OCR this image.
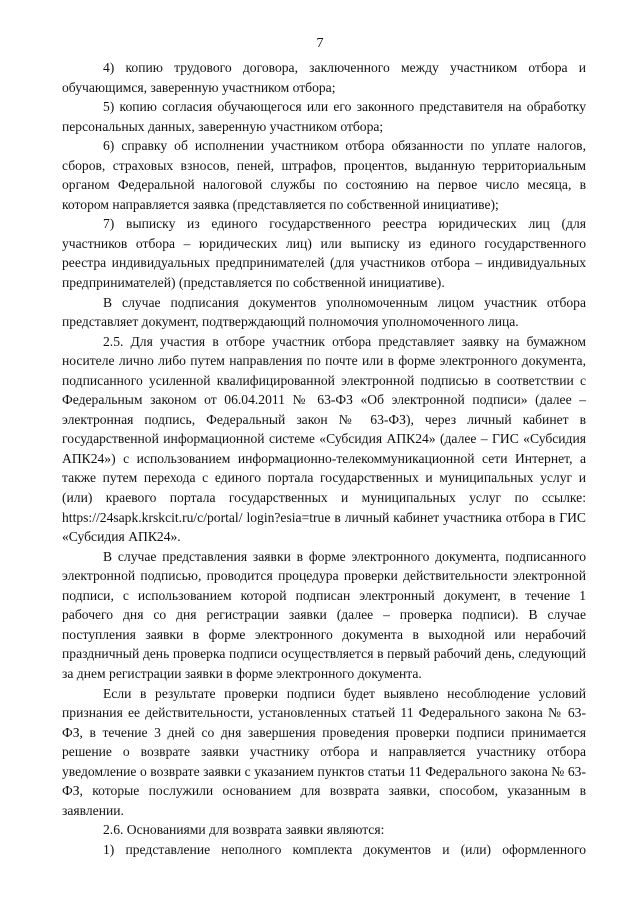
7

4) копию трудового договора, заключенного между участником отбора и обучающимся, заверенную участником отбора;

5) копию согласия обучающегося или его законного представителя на обработку персональных данных, заверенную участником отбора;

6) справку об исполнении участником отбора обязанности по уплате налогов, сборов, страховых взносов, пеней, штрафов, процентов, выданную территориальным органом Федеральной налоговой службы по состоянию на первое число месяца, в котором направляется заявка (представляется по собственной инициативе);

7) выписку из единого государственного реестра юридических лиц (для участников отбора – юридических лиц) или выписку из единого государственного реестра индивидуальных предпринимателей (для участников отбора – индивидуальных предпринимателей) (представляется по собственной инициативе).

В случае подписания документов уполномоченным лицом участник отбора представляет документ, подтверждающий полномочия уполномоченного лица.

2.5. Для участия в отборе участник отбора представляет заявку на бумажном носителе лично либо путем направления по почте или в форме электронного документа, подписанного усиленной квалифицированной электронной подписью в соответствии с Федеральным законом от 06.04.2011 № 63-ФЗ «Об электронной подписи» (далее – электронная подпись, Федеральный закон № 63-ФЗ), через личный кабинет в государственной информационной системе «Субсидия АПК24» (далее – ГИС «Субсидия АПК24») с использованием информационно-телекоммуникационной сети Интернет, а также путем перехода с единого портала государственных и муниципальных услуг и (или) краевого портала государственных и муниципальных услуг по ссылке: https://24sapk.krskcit.ru/c/portal/ login?esia=true в личный кабинет участника отбора в ГИС «Субсидия АПК24».

В случае представления заявки в форме электронного документа, подписанного электронной подписью, проводится процедура проверки действительности электронной подписи, с использованием которой подписан электронный документ, в течение 1 рабочего дня со дня регистрации заявки (далее – проверка подписи). В случае поступления заявки в форме электронного документа в выходной или нерабочий праздничный день проверка подписи осуществляется в первый рабочий день, следующий за днем регистрации заявки в форме электронного документа.

Если в результате проверки подписи будет выявлено несоблюдение условий признания ее действительности, установленных статьей 11 Федерального закона № 63-ФЗ, в течение 3 дней со дня завершения проведения проверки подписи принимается решение о возврате заявки участнику отбора и направляется участнику отбора уведомление о возврате заявки с указанием пунктов статьи 11 Федерального закона № 63-ФЗ, которые послужили основанием для возврата заявки, способом, указанным в заявлении.

2.6. Основаниями для возврата заявки являются:

1) представление неполного комплекта документов и (или) оформленного
